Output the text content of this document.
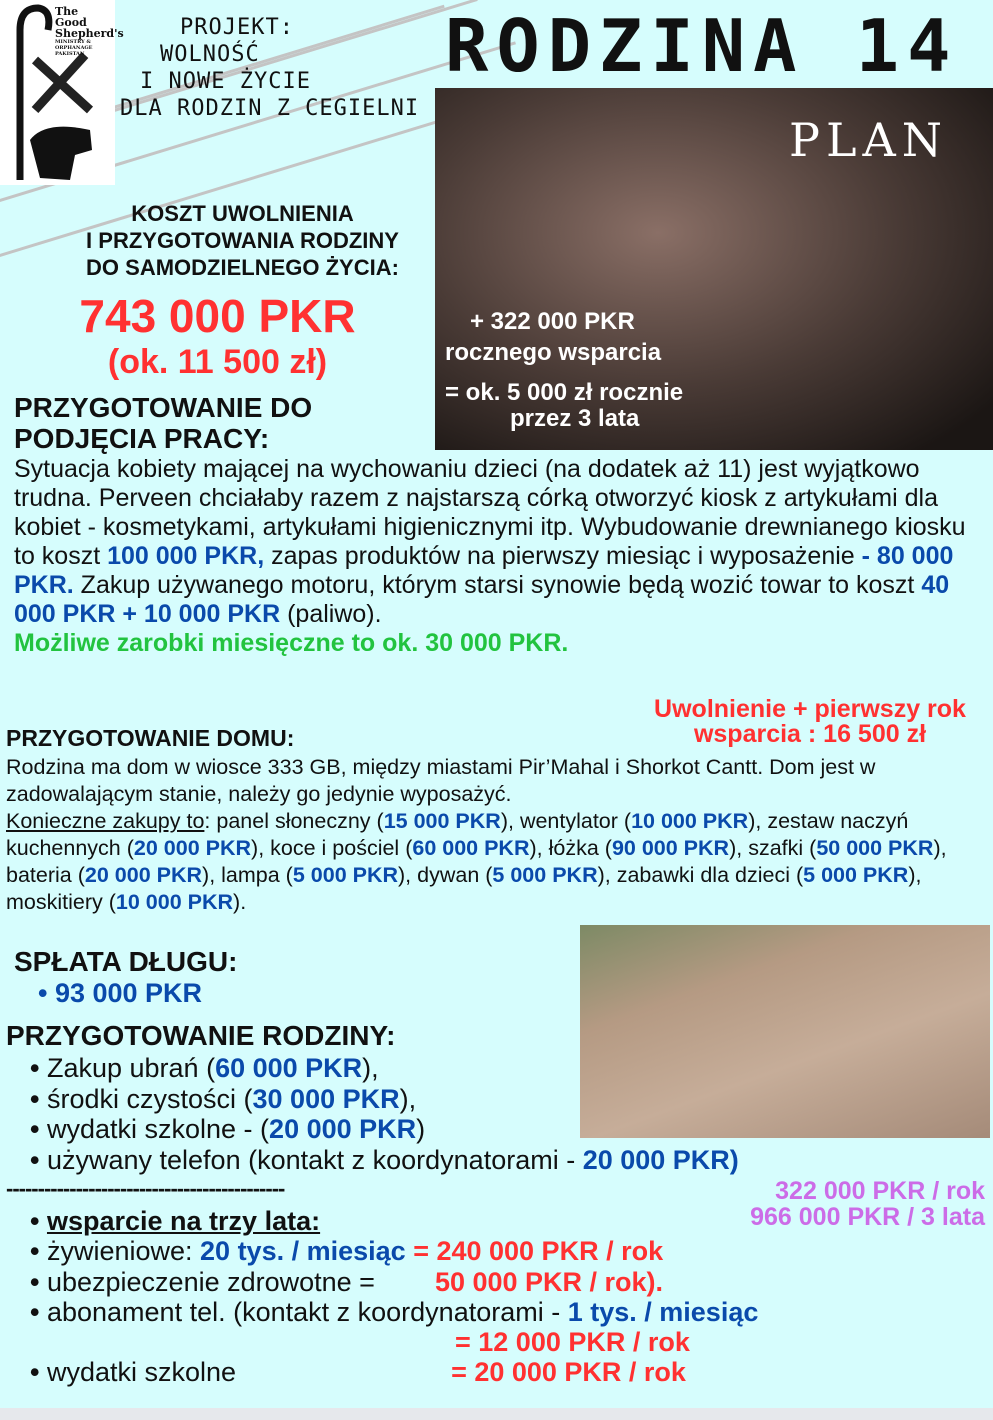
The Good
Shepherd's
MINISTRY & ORPHANAGE PAKISTAN
PROJEKT:
WOLNOŚĆ
I NOWE ŻYCIE
DLA RODZIN Z CEGIELNI
RODZINA 14
PLAN
+ 322 000 PKR
rocznego wsparcia
= ok. 5 000 zł rocznie
przez 3 lata
KOSZT UWOLNIENIA
I PRZYGOTOWANIA RODZINY
DO SAMODZIELNEGO ŻYCIA:
743 000 PKR
(ok. 11 500 zł)
PRZYGOTOWANIE DO PODJĘCIA PRACY:
Sytuacja kobiety mającej na wychowaniu dzieci (na dodatek aż 11) jest wyjątkowo trudna. Perveen chciałaby razem z najstarszą córką otworzyć kiosk z artykułami dla kobiet - kosmetykami, artykułami higienicznymi itp. Wybudowanie drewnianego kiosku to koszt 100 000 PKR, zapas produktów na pierwszy miesiąc i wyposażenie - 80 000 PKR. Zakup używanego motoru, którym starsi synowie będą wozić towar to koszt 40 000 PKR + 10 000 PKR (paliwo).
Możliwe zarobki miesięczne to ok. 30 000 PKR.
Uwolnienie + pierwszy rok
wsparcia : 16 500 zł
PRZYGOTOWANIE DOMU:
Rodzina ma dom w wiosce 333 GB, między miastami Pir’Mahal i Shorkot Cantt. Dom jest w zadowalającym stanie, należy go jedynie wyposażyć.
Konieczne zakupy to: panel słoneczny (15 000 PKR), wentylator (10 000 PKR), zestaw naczyń kuchennych (20 000 PKR), koce i pościel (60 000 PKR), łóżka (90 000 PKR), szafki (50 000 PKR), bateria (20 000 PKR), lampa (5 000 PKR), dywan (5 000 PKR), zabawki dla dzieci (5 000 PKR), moskitiery (10 000 PKR).
SPŁATA DŁUGU:
• 93 000 PKR
PRZYGOTOWANIE RODZINY:
• Zakup ubrań (60 000 PKR),
• środki czystości (30 000 PKR),
• wydatki szkolne - (20 000 PKR)
• używany telefon (kontakt z koordynatorami - 20 000 PKR)
--------------------------------------------
• wsparcie na trzy lata:
• żywieniowe: 20 tys. / miesiąc = 240 000 PKR / rok
• ubezpieczenie zdrowotne = 50 000 PKR / rok).
• abonament tel. (kontakt z koordynatorami - 1 tys. / miesiąc
= 12 000 PKR / rok
• wydatki szkolne	= 20 000 PKR / rok
322 000 PKR / rok
966 000 PKR / 3 lata
